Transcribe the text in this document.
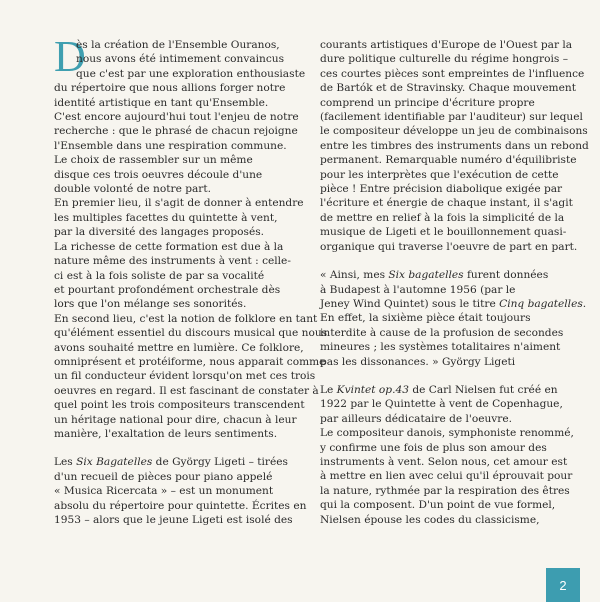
D
ès la création de l'Ensemble Ouranos,
nous avons été intimement convaincus
que c'est par une exploration enthousiaste
du répertoire que nous allions forger notre
identité artistique en tant qu'Ensemble.
C'est encore aujourd'hui tout l'enjeu de notre
recherche : que le phrasé de chacun rejoigne
l'Ensemble dans une respiration commune.
Le choix de rassembler sur un même
disque ces trois oeuvres découle d'une
double volonté de notre part.
En premier lieu, il s'agit de donner à entendre
les multiples facettes du quintette à vent,
par la diversité des langages proposés.
La richesse de cette formation est due à la
nature même des instruments à vent : celle-
ci est à la fois soliste de par sa vocalité
et pourtant profondément orchestrale dès
lors que l'on mélange ses sonorités.
En second lieu, c'est la notion de folklore en tant
qu'élément essentiel du discours musical que nous
avons souhaité mettre en lumière. Ce folklore,
omniprésent et protéiforme, nous apparait comme
un fil conducteur évident lorsqu'on met ces trois
oeuvres en regard. Il est fascinant de constater à
quel point les trois compositeurs transcendent
un héritage national pour dire, chacun à leur
manière, l'exaltation de leurs sentiments.

Les Six Bagatelles de György Ligeti – tirées
d'un recueil de pièces pour piano appelé
« Musica Ricercata » – est un monument
absolu du répertoire pour quintette. Écrites en
1953 – alors que le jeune Ligeti est isolé des

courants artistiques d'Europe de l'Ouest par la
dure politique culturelle du régime hongrois –
ces courtes pièces sont empreintes de l'influence
de Bartók et de Stravinsky. Chaque mouvement
comprend un principe d'écriture propre
(facilement identifiable par l'auditeur) sur lequel
le compositeur développe un jeu de combinaisons
entre les timbres des instruments dans un rebond
permanent. Remarquable numéro d'équilibriste
pour les interprètes que l'exécution de cette
pièce ! Entre précision diabolique exigée par
l'écriture et énergie de chaque instant, il s'agit
de mettre en relief à la fois la simplicité de la
musique de Ligeti et le bouillonnement quasi-
organique qui traverse l'oeuvre de part en part.

« Ainsi, mes Six bagatelles furent données
à Budapest à l'automne 1956 (par le
Jeney Wind Quintet) sous le titre Cinq bagatelles.
En effet, la sixième pièce était toujours
interdite à cause de la profusion de secondes
mineures ; les systèmes totalitaires n'aiment
pas les dissonances. » György Ligeti

Le Kvintet op.43 de Carl Nielsen fut créé en
1922 par le Quintette à vent de Copenhague,
par ailleurs dédicataire de l'oeuvre.
Le compositeur danois, symphoniste renommé,
y confirme une fois de plus son amour des
instruments à vent. Selon nous, cet amour est
à mettre en lien avec celui qu'il éprouvait pour
la nature, rythmée par la respiration des êtres
qui la composent. D'un point de vue formel,
Nielsen épouse les codes du classicisme,

2
